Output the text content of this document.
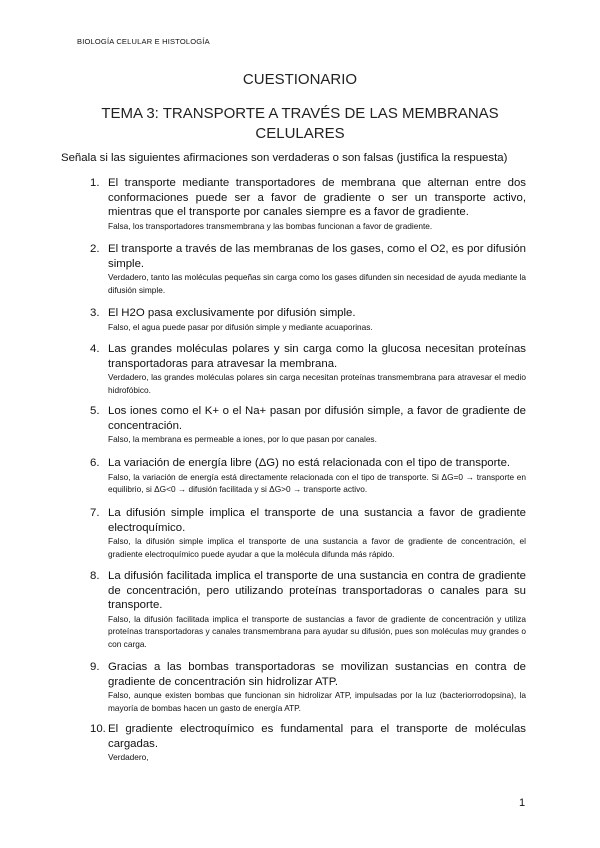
BIOLOGÍA CELULAR E HISTOLOGÍA
CUESTIONARIO
TEMA 3: TRANSPORTE A TRAVÉS DE LAS MEMBRANAS CELULARES
Señala si las siguientes afirmaciones son verdaderas o son falsas (justifica la respuesta)
1. El transporte mediante transportadores de membrana que alternan entre dos conformaciones puede ser a favor de gradiente o ser un transporte activo, mientras que el transporte por canales siempre es a favor de gradiente.
Falsa, los transportadores transmembrana y las bombas funcionan a favor de gradiente.
2. El transporte a través de las membranas de los gases, como el O2, es por difusión simple.
Verdadero, tanto las moléculas pequeñas sin carga como los gases difunden sin necesidad de ayuda mediante la difusión simple.
3. El H2O pasa exclusivamente por difusión simple.
Falso, el agua puede pasar por difusión simple y mediante acuaporinas.
4. Las grandes moléculas polares y sin carga como la glucosa necesitan proteínas transportadoras para atravesar la membrana.
Verdadero, las grandes moléculas polares sin carga necesitan proteínas transmembrana para atravesar el medio hidrofóbico.
5. Los iones como el K+ o el Na+ pasan por difusión simple, a favor de gradiente de concentración.
Falso, la membrana es permeable a iones, por lo que pasan por canales.
6. La variación de energía libre (ΔG) no está relacionada con el tipo de transporte.
Falso, la variación de energía está directamente relacionada con el tipo de transporte. Si ΔG=0 → transporte en equilibrio, si ΔG<0 → difusión facilitada y si ΔG>0 → transporte activo.
7. La difusión simple implica el transporte de una sustancia a favor de gradiente electroquímico.
Falso, la difusión simple implica el transporte de una sustancia a favor de gradiente de concentración, el gradiente electroquímico puede ayudar a que la molécula difunda más rápido.
8. La difusión facilitada implica el transporte de una sustancia en contra de gradiente de concentración, pero utilizando proteínas transportadoras o canales para su transporte.
Falso, la difusión facilitada implica el transporte de sustancias a favor de gradiente de concentración y utiliza proteínas transportadoras y canales transmembrana para ayudar su difusión, pues son moléculas muy grandes o con carga.
9. Gracias a las bombas transportadoras se movilizan sustancias en contra de gradiente de concentración sin hidrolizar ATP.
Falso, aunque existen bombas que funcionan sin hidrolizar ATP, impulsadas por la luz (bacteriorrodopsina), la mayoría de bombas hacen un gasto de energía ATP.
10. El gradiente electroquímico es fundamental para el transporte de moléculas cargadas.
Verdadero,
1
